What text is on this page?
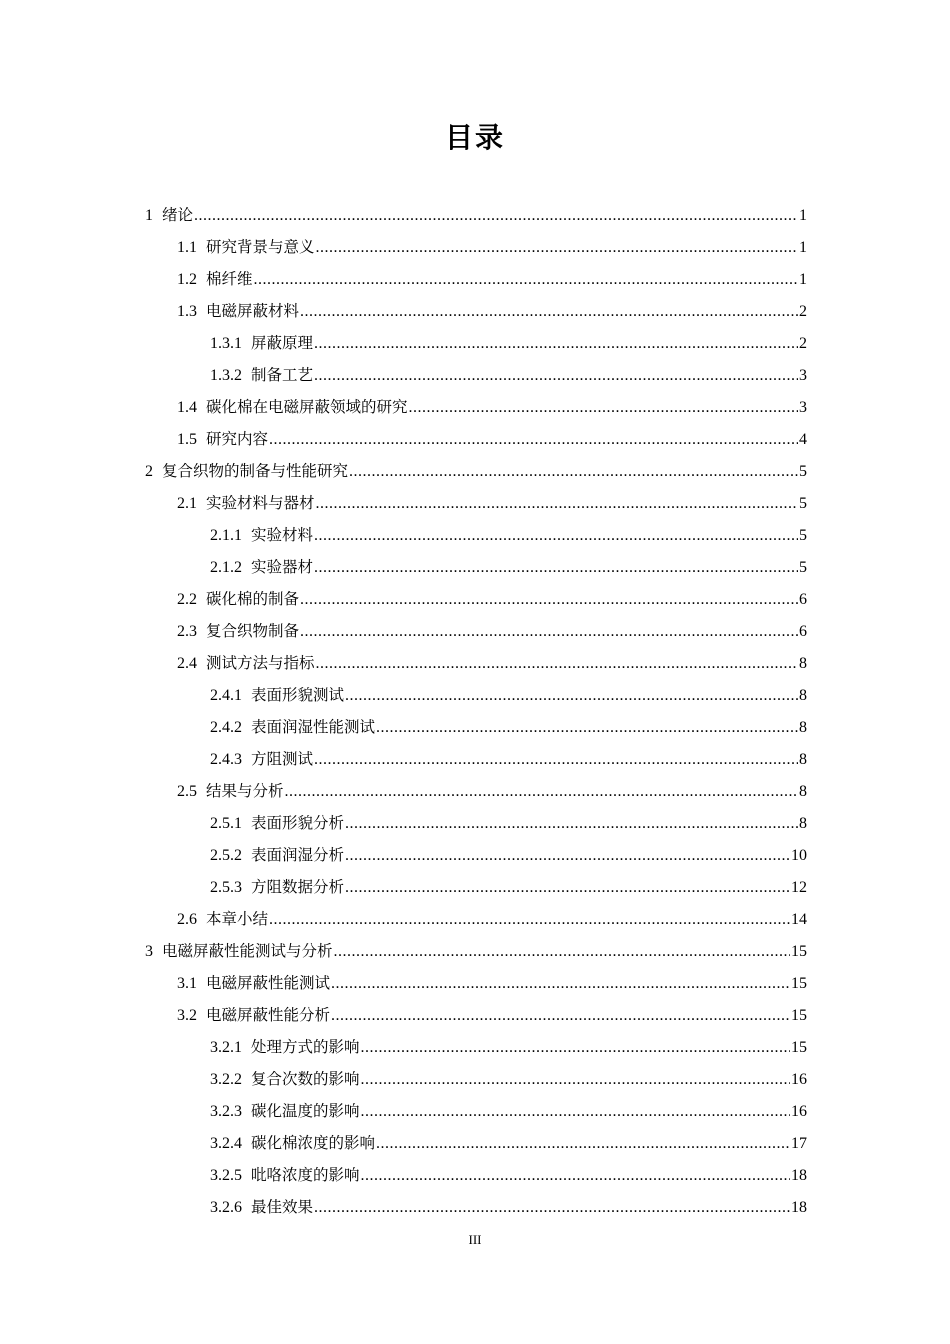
目录
1 绪论 .....	1
1.1 研究背景与意义 .....	1
1.2 棉纤维 .....	1
1.3 电磁屏蔽材料 .....	2
1.3.1 屏蔽原理 .....	2
1.3.2 制备工艺 .....	3
1.4 碳化棉在电磁屏蔽领域的研究 .....	3
1.5 研究内容 .....	4
2 复合织物的制备与性能研究 .....	5
2.1 实验材料与器材 .....	5
2.1.1 实验材料 .....	5
2.1.2 实验器材 .....	5
2.2 碳化棉的制备 .....	6
2.3 复合织物制备 .....	6
2.4 测试方法与指标 .....	8
2.4.1 表面形貌测试 .....	8
2.4.2 表面润湿性能测试 .....	8
2.4.3 方阻测试 .....	8
2.5 结果与分析 .....	8
2.5.1 表面形貌分析 .....	8
2.5.2 表面润湿分析 .....	10
2.5.3 方阻数据分析 .....	12
2.6 本章小结 .....	14
3 电磁屏蔽性能测试与分析 .....	15
3.1 电磁屏蔽性能测试 .....	15
3.2 电磁屏蔽性能分析 .....	15
3.2.1 处理方式的影响 .....	15
3.2.2 复合次数的影响 .....	16
3.2.3 碳化温度的影响 .....	16
3.2.4 碳化棉浓度的影响 .....	17
3.2.5 吡咯浓度的影响 .....	18
3.2.6 最佳效果 .....	18
III
